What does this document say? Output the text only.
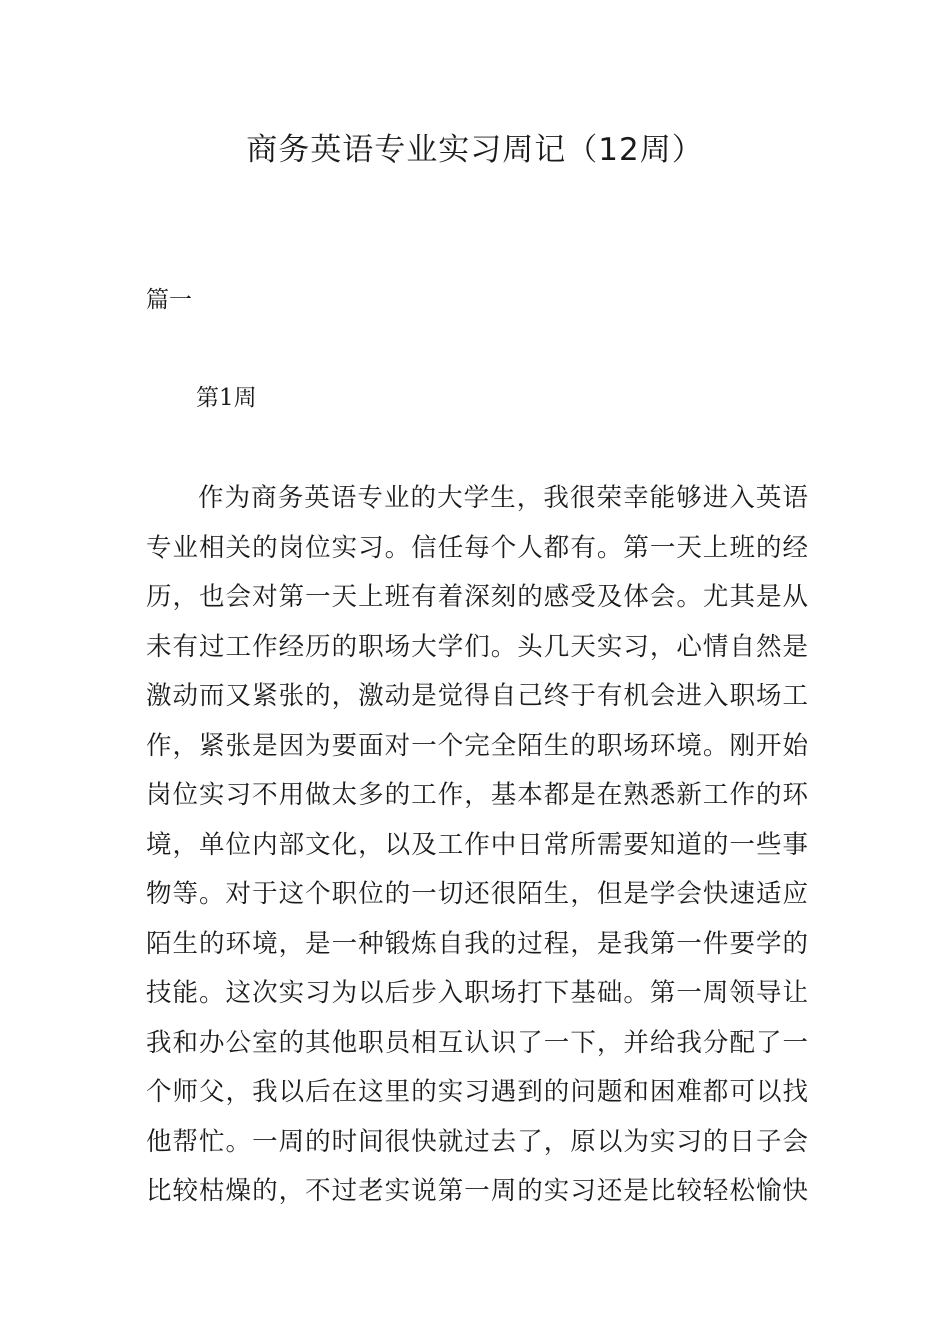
商务英语专业实习周记（12周）

篇一

第1周

作为商务英语专业的大学生，我很荣幸能够进入英语
专业相关的岗位实习。信任每个人都有。第一天上班的经
历，也会对第一天上班有着深刻的感受及体会。尤其是从
未有过工作经历的职场大学们。头几天实习，心情自然是
激动而又紧张的，激动是觉得自己终于有机会进入职场工
作，紧张是因为要面对一个完全陌生的职场环境。刚开始
岗位实习不用做太多的工作，基本都是在熟悉新工作的环
境，单位内部文化，以及工作中日常所需要知道的一些事
物等。对于这个职位的一切还很陌生，但是学会快速适应
陌生的环境，是一种锻炼自我的过程，是我第一件要学的
技能。这次实习为以后步入职场打下基础。第一周领导让
我和办公室的其他职员相互认识了一下，并给我分配了一
个师父，我以后在这里的实习遇到的问题和困难都可以找
他帮忙。一周的时间很快就过去了，原以为实习的日子会
比较枯燥的，不过老实说第一周的实习还是比较轻松愉快
